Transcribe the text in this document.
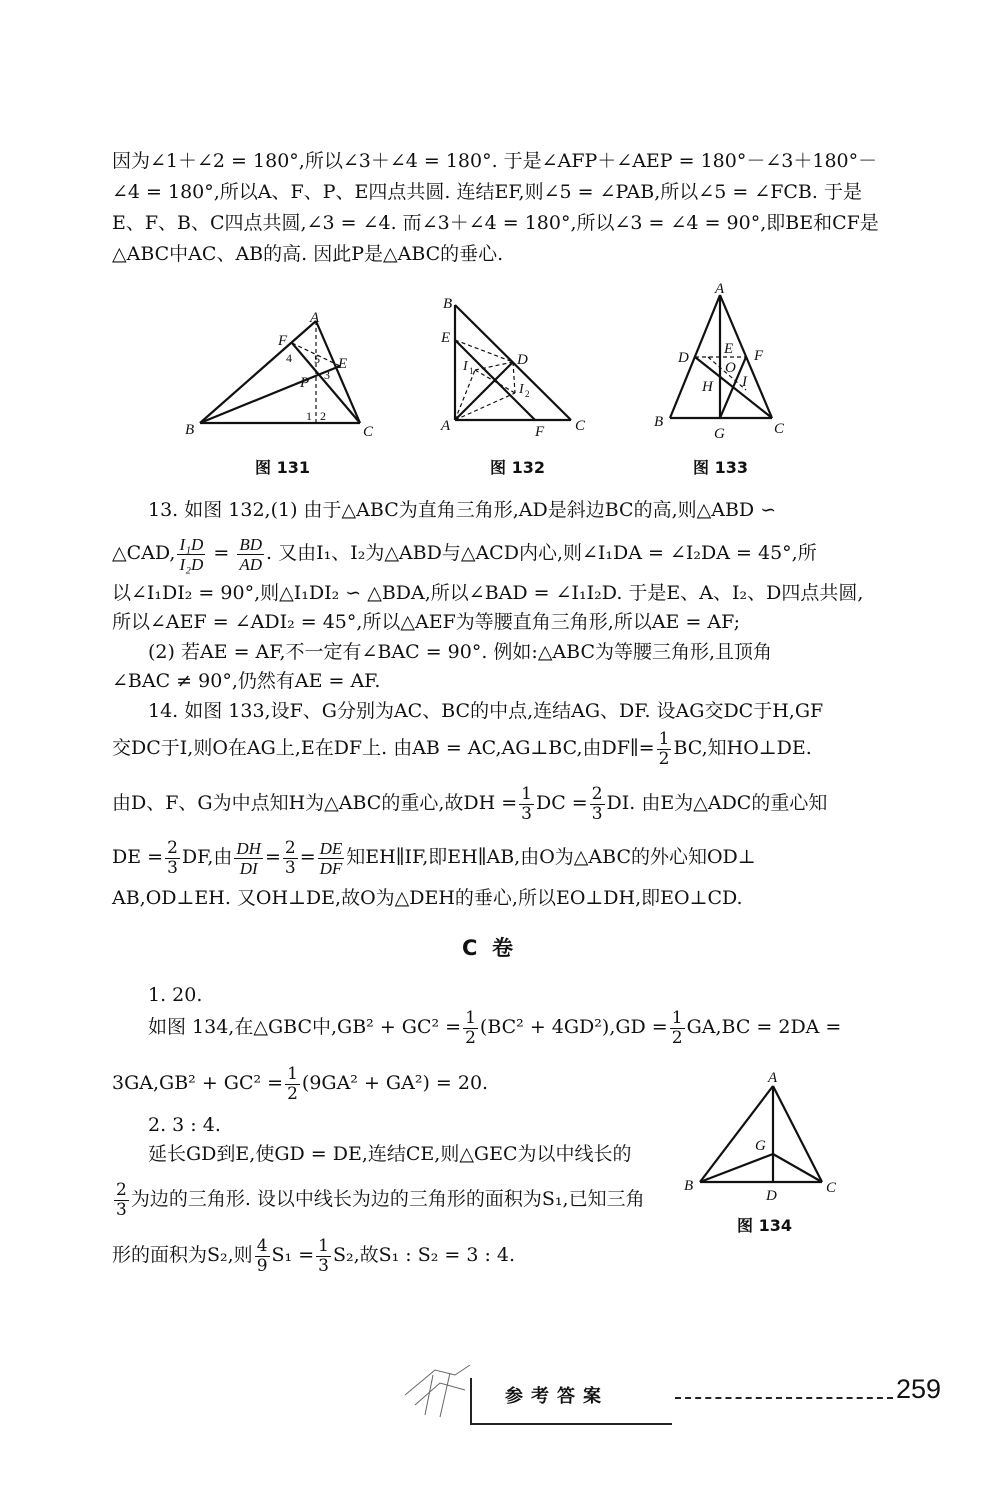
因为∠1＋∠2 = 180°,所以∠3＋∠4 = 180°. 于是∠AFP＋∠AEP = 180°－∠3＋180°－
∠4 = 180°,所以A、F、P、E四点共圆. 连结EF,则∠5 = ∠PAB,所以∠5 = ∠FCB. 于是
E、F、B、C四点共圆,∠3 = ∠4. 而∠3＋∠4 = 180°,所以∠3 = ∠4 = 90°,即BE和CF是
△ABC中AC、AB的高. 因此P是△ABC的垂心.
A
F
E
P
B	C
4 5
3
1 2
图 131
B
E
D
I 1
I 2
A	F C
图 132
A
D
E F
O
H I
B
G	C
图 133
13. 如图 132,(1) 由于△ABC为直角三角形,AD是斜边BC的高,则△ABD ∽
△CAD, $\frac{\text{I₁D}}{\text{I₂D}} = \frac{BD}{AD}$ . 又由I₁、I₂为△ABD与△ACD内心,则∠I₁DA = ∠I₂DA = 45°,所
以∠I₁DI₂ = 90°,则△I₁DI₂ ∽ △BDA,所以∠BAD = ∠I₁I₂D. 于是E、A、I₂、D四点共圆,
所以∠AEF = ∠ADI₂ = 45°,所以△AEF为等腰直角三角形,所以AE = AF;
(2) 若AE = AF,不一定有∠BAC = 90°. 例如:△ABC为等腰三角形,且顶角
∠BAC ≠ 90°,仍然有AE = AF.
14. 如图 133,设F、G分别为AC、BC的中点,连结AG、DF. 设AG交DC于H,GF
交DC于I,则O在AG上,E在DF上. 由AB = AC,AG⊥BC,由DF∥= $\frac{1}{2}$ BC,知HO⊥DE.
由D、F、G为中点知H为△ABC的重心,故DH = $\frac{1}{3}$ DC = $\frac{2}{3}$ DI. 由E为△ADC的重心知
DE = $\frac{2}{3}$ DF,由 $\frac{DH}{DI} = \frac{2}{3} = \frac{DE}{DF}$ 知EH∥IF,即EH∥AB,由O为△ABC的外心知OD⊥
AB,OD⊥EH. 又OH⊥DE,故O为△DEH的垂心,所以EO⊥DH,即EO⊥CD.
C  卷
1. 20.
如图 134,在△GBC中$,GB^2 + GC^2 = \frac{1}{2} (BC^2 + 4GD^2),GD = \frac{1}{2} GA,BC = 2DA$ =
$3GA,GB^2 + GC^2 = \frac{1}{2} (9GA^2 + GA^2) = 20$.
2. 3 : 4.
延长GD到E,使GD = DE,连结CE,则△GEC为以中线长的
$\frac{2}{3}$ 为边的三角形. 设以中线长为边的三角形的面积为S₁,已知三角
形的面积为S₂,则 $\frac{4}{9} S_1 = \frac{1}{3} S_2$,故S₁ : S₂ = 3 : 4.
A
G
B
D	C
图 134
参考答案	259
